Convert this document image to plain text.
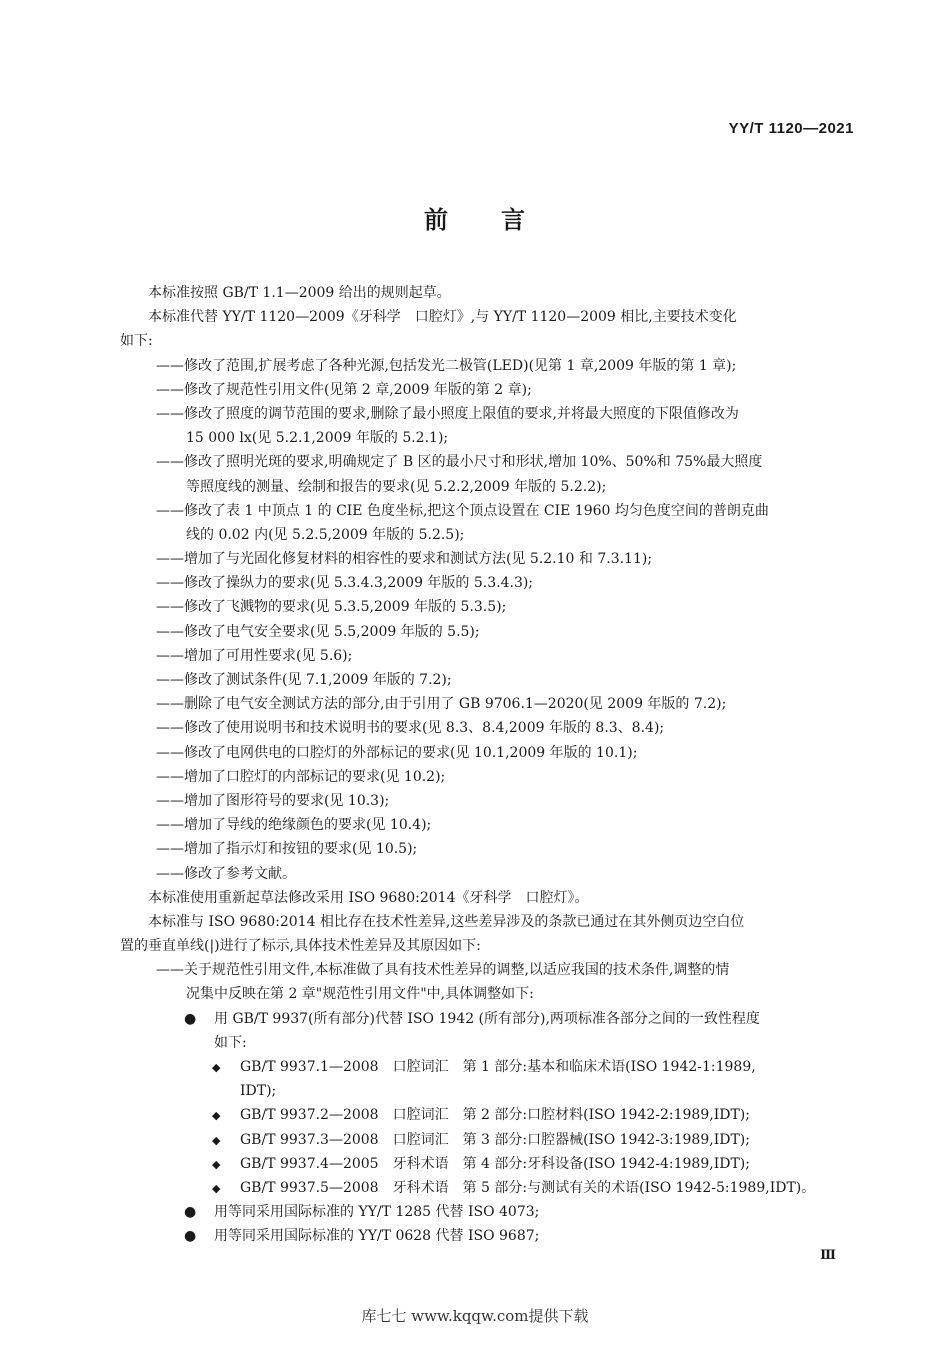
YY/T 1120—2021
前 言
本标准按照 GB/T 1.1—2009 给出的规则起草。
本标准代替 YY/T 1120—2009《牙科学　口腔灯》,与 YY/T 1120—2009 相比,主要技术变化
如下:
——修改了范围,扩展考虑了各种光源,包括发光二极管(LED)(见第 1 章,2009 年版的第 1 章);
——修改了规范性引用文件(见第 2 章,2009 年版的第 2 章);
——修改了照度的调节范围的要求,删除了最小照度上限值的要求,并将最大照度的下限值修改为
15 000 lx(见 5.2.1,2009 年版的 5.2.1);
——修改了照明光斑的要求,明确规定了 B 区的最小尺寸和形状,增加 10%、50%和 75%最大照度
等照度线的测量、绘制和报告的要求(见 5.2.2,2009 年版的 5.2.2);
——修改了表 1 中顶点 1 的 CIE 色度坐标,把这个顶点设置在 CIE 1960 均匀色度空间的普朗克曲
线的 0.02 内(见 5.2.5,2009 年版的 5.2.5);
——增加了与光固化修复材料的相容性的要求和测试方法(见 5.2.10 和 7.3.11);
——修改了操纵力的要求(见 5.3.4.3,2009 年版的 5.3.4.3);
——修改了飞溅物的要求(见 5.3.5,2009 年版的 5.3.5);
——修改了电气安全要求(见 5.5,2009 年版的 5.5);
——增加了可用性要求(见 5.6);
——修改了测试条件(见 7.1,2009 年版的 7.2);
——删除了电气安全测试方法的部分,由于引用了 GB 9706.1—2020(见 2009 年版的 7.2);
——修改了使用说明书和技术说明书的要求(见 8.3、8.4,2009 年版的 8.3、8.4);
——修改了电网供电的口腔灯的外部标记的要求(见 10.1,2009 年版的 10.1);
——增加了口腔灯的内部标记的要求(见 10.2);
——增加了图形符号的要求(见 10.3);
——增加了导线的绝缘颜色的要求(见 10.4);
——增加了指示灯和按钮的要求(见 10.5);
——修改了参考文献。
本标准使用重新起草法修改采用 ISO 9680:2014《牙科学　口腔灯》。
本标准与 ISO 9680:2014 相比存在技术性差异,这些差异涉及的条款已通过在其外侧页边空白位
置的垂直单线(|)进行了标示,具体技术性差异及其原因如下:
——关于规范性引用文件,本标准做了具有技术性差异的调整,以适应我国的技术条件,调整的情
况集中反映在第 2 章"规范性引用文件"中,具体调整如下:
● 用 GB/T 9937(所有部分)代替 ISO 1942 (所有部分),两项标准各部分之间的一致性程度
如下:
◆ GB/T 9937.1—2008　口腔词汇　第 1 部分:基本和临床术语(ISO 1942-1:1989,
IDT);
◆ GB/T 9937.2—2008　口腔词汇　第 2 部分:口腔材料(ISO 1942-2:1989,IDT);
◆ GB/T 9937.3—2008　口腔词汇　第 3 部分:口腔器械(ISO 1942-3:1989,IDT);
◆ GB/T 9937.4—2005　牙科术语　第 4 部分:牙科设备(ISO 1942-4:1989,IDT);
◆ GB/T 9937.5—2008　牙科术语　第 5 部分:与测试有关的术语(ISO 1942-5:1989,IDT)。
● 用等同采用国际标准的 YY/T 1285 代替 ISO 4073;
● 用等同采用国际标准的 YY/T 0628 代替 ISO 9687;
Ⅲ
库七七 www.kqqw.com提供下载
